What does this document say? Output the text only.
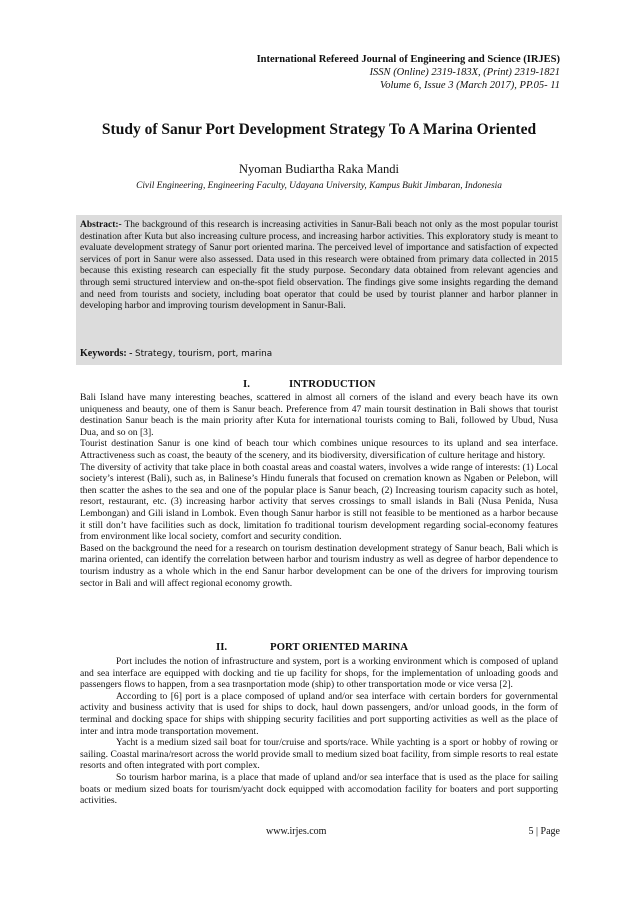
International Refereed Journal of Engineering and Science (IRJES)
ISSN (Online) 2319-183X, (Print) 2319-1821
Volume 6, Issue 3 (March 2017), PP.05- 11
Study of Sanur Port Development Strategy To A Marina Oriented
Nyoman Budiartha Raka Mandi
Civil Engineering, Engineering Faculty, Udayana University, Kampus Bukit Jimbaran, Indonesia

Abstract:- The background of this research is increasing activities in Sanur-Bali beach not only as the most popular tourist destination after Kuta but also increasing culture process, and increasing harbor activities. This exploratory study is meant to evaluate development strategy of Sanur port oriented marina. The perceived level of importance and satisfaction of expected services of port in Sanur were also assessed. Data used in this research were obtained from primary data collected in 2015 because this existing research can especially fit the study purpose. Secondary data obtained from relevant agencies and through semi structured interview and on-the-spot field observation. The findings give some insights regarding the demand and need from tourists and society, including boat operator that could be used by tourist planner and harbor planner in developing harbor and improving tourism development in Sanur-Bali.

Keywords: - Strategy, tourism, port, marina

I.	INTRODUCTION

Bali Island have many interesting beaches, scattered in almost all corners of the island and every beach have its own uniqueness and beauty, one of them is Sanur beach. Preference from 47 main toursit destination in Bali shows that tourist destination Sanur beach is the main priority after Kuta for international tourists coming to Bali, followed by Ubud, Nusa Dua, and so on [3].

Tourist destination Sanur is one kind of beach tour which combines unique resources to its upland and sea interface. Attractiveness such as coast, the beauty of the scenery, and its biodiversity, diversification of culture heritage and history.

The diversity of activity that take place in both coastal areas and coastal waters, involves a wide range of interests: (1) Local society’s interest (Bali), such as, in Balinese’s Hindu funerals that focused on cremation known as Ngaben or Pelebon, will then scatter the ashes to the sea and one of the popular place is Sanur beach, (2) Increasing tourism capacity such as hotel, resort, restaurant, etc. (3) increasing harbor activity that serves crossings to small islands in Bali (Nusa Penida, Nusa Lembongan) and Gili island in Lombok. Even though Sanur harbor is still not feasible to be mentioned as a harbor because it still don’t have facilities such as dock, limitation fo traditional tourism development regarding social-economy features from environment like local society, comfort and security condition.

Based on the background the need for a research on tourism destination development strategy of Sanur beach, Bali which is marina oriented, can identify the correlation between harbor and tourism industry as well as degree of harbor dependence to tourism industry as a whole which in the end Sanur harbor development can be one of the drivers for improving tourism sector in Bali and will affect regional economy growth.

II.	PORT ORIENTED MARINA

Port includes the notion of infrastructure and system, port is a working environment which is composed of upland and sea interface are equipped with docking and tie up facility for shops, for the implementation of unloading goods and passengers flows to happen, from a sea trasnportation mode (ship) to other transportation mode or vice versa [2].

According to [6] port is a place composed of upland and/or sea interface with certain borders for governmental activity and business activity that is used for ships to dock, haul down passengers, and/or unload goods, in the form of terminal and docking space for ships with shipping security facilities and port supporting activities as well as the place of inter and intra mode transportation movement.

Yacht is a medium sized sail boat for tour/cruise and sports/race. While yachting is a sport or hobby of rowing or sailing. Coastal marina/resort across the world provide small to medium sized boat facility, from simple resorts to real estate resorts and often integrated with port complex.

So tourism harbor marina, is a place that made of upland and/or sea interface that is used as the place for sailing boats or medium sized boats for tourism/yacht dock equipped with accomodation facility for boaters and port supporting activities.

www.irjes.com	5 | Page
